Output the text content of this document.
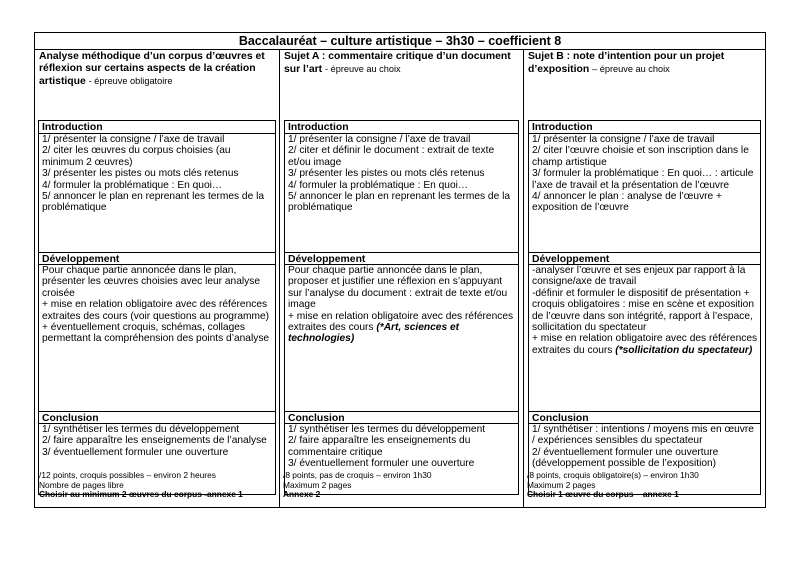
Baccalauréat – culture artistique – 3h30 – coefficient 8
Analyse méthodique d’un corpus d’œuvres et réflexion sur certains aspects de la création artistique - épreuve obligatoire
Introduction
1/ présenter la consigne / l’axe de travail
2/ citer les œuvres du corpus choisies (au minimum 2 œuvres)
3/ présenter les pistes ou mots clés retenus
4/ formuler la problématique : En quoi…
5/ annoncer le plan en reprenant les termes de la problématique
Développement
Pour chaque partie annoncée dans le plan, présenter les œuvres choisies avec leur analyse croisée
+ mise en relation obligatoire avec des références extraites des cours (voir questions au programme)
+ éventuellement croquis, schémas, collages permettant la compréhension des points d’analyse
Conclusion
1/ synthétiser les termes du développement
2/ faire apparaître les enseignements de l’analyse
3/ éventuellement formuler une ouverture
Sujet A : commentaire critique d’un document sur l’art - épreuve au choix
Introduction
1/ présenter la consigne / l’axe de travail
2/ citer et définir le document : extrait de texte et/ou image
3/ présenter les pistes ou mots clés retenus
4/ formuler la problématique : En quoi…
5/ annoncer le plan en reprenant les termes de la problématique
Développement
Pour chaque partie annoncée dans le plan, proposer et justifier une réflexion en s’appuyant sur l’analyse du document : extrait de texte et/ou image
+ mise en relation obligatoire avec des références extraites des cours (*Art, sciences et technologies)
Conclusion
1/ synthétiser les termes du développement
2/ faire apparaître les enseignements du commentaire critique
3/ éventuellement formuler une ouverture
Sujet B : note d’intention pour un projet d’exposition – épreuve au choix
Introduction
1/ présenter la consigne / l’axe de travail
2/ citer l’œuvre choisie et son inscription dans le champ artistique
3/ formuler la problématique : En quoi… : articule l’axe de travail et la présentation de l’œuvre
4/ annoncer le plan : analyse de l’œuvre + exposition de l’œuvre
Développement
-analyser l’œuvre et ses enjeux par rapport à la consigne/axe de travail
-définir et formuler le dispositif de présentation + croquis obligatoires : mise en scène et exposition de l’œuvre dans son intégrité, rapport à l’espace, sollicitation du spectateur
+ mise en relation obligatoire avec des références extraites du cours (*sollicitation du spectateur)
Conclusion
1/ synthétiser : intentions / moyens mis en œuvre / expériences sensibles du spectateur
2/ éventuellement formuler une ouverture (développement possible de l’exposition)
/12 points, croquis possibles – environ 2 heures
Nombre de pages libre
Choisir au minimum 2 œuvres du corpus -annexe 1
/8 points, pas de croquis – environ 1h30
Maximum 2 pages
Annexe 2
/8 points, croquis obligatoire(s) – environ 1h30
Maximum 2 pages
Choisir 1 œuvre du corpus – annexe 1
